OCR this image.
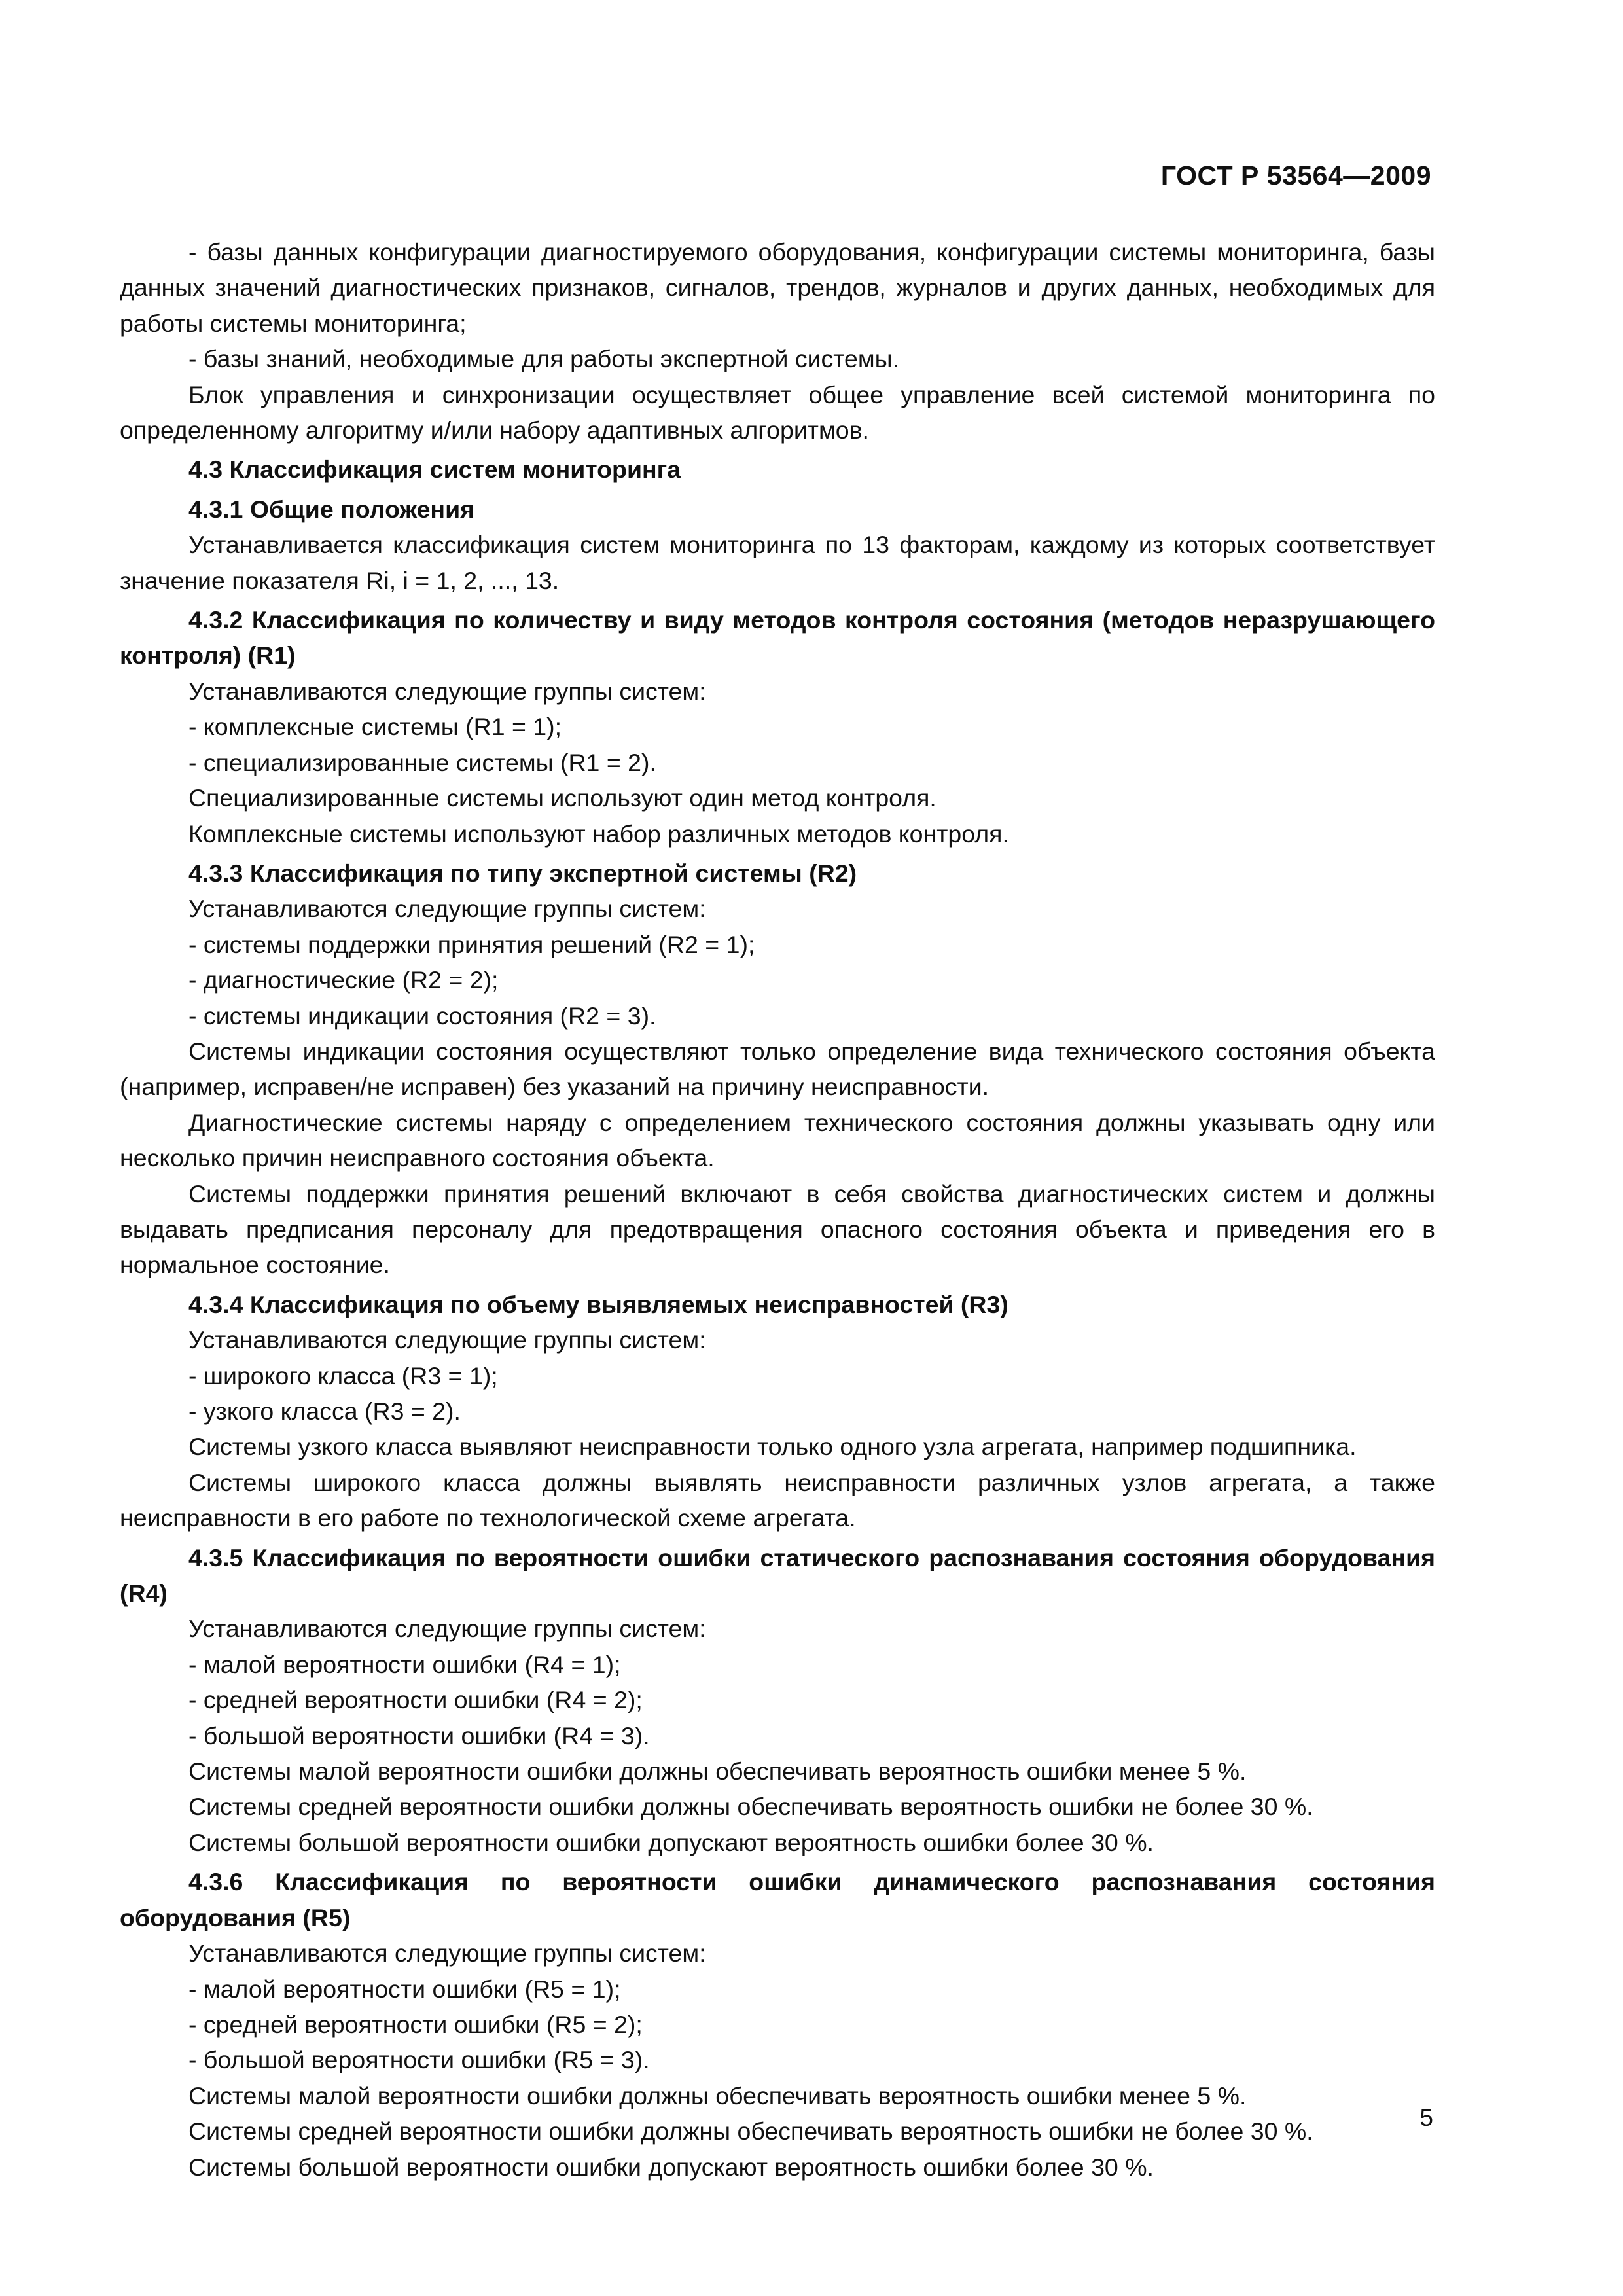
ГОСТ Р 53564—2009

- базы данных конфигурации диагностируемого оборудования, конфигурации системы мониторинга, базы данных значений диагностических признаков, сигналов, трендов, журналов и других данных, необходимых для работы системы мониторинга;

- базы знаний, необходимые для работы экспертной системы.

Блок управления и синхронизации осуществляет общее управление всей системой мониторинга по определенному алгоритму и/или набору адаптивных алгоритмов.

4.3 Классификация систем мониторинга

4.3.1 Общие положения

Устанавливается классификация систем мониторинга по 13 факторам, каждому из которых соответствует значение показателя Ri, i = 1, 2, ..., 13.

4.3.2 Классификация по количеству и виду методов контроля состояния (методов неразрушающего контроля) (R1)

Устанавливаются следующие группы систем:

- комплексные системы (R1 = 1);

- специализированные системы (R1 = 2).

Специализированные системы используют один метод контроля.

Комплексные системы используют набор различных методов контроля.

4.3.3 Классификация по типу экспертной системы (R2)

Устанавливаются следующие группы систем:

- системы поддержки принятия решений (R2 = 1);

- диагностические (R2 = 2);

- системы индикации состояния (R2 = 3).

Системы индикации состояния осуществляют только определение вида технического состояния объекта (например, исправен/не исправен) без указаний на причину неисправности.

Диагностические системы наряду с определением технического состояния должны указывать одну или несколько причин неисправного состояния объекта.

Системы поддержки принятия решений включают в себя свойства диагностических систем и должны выдавать предписания персоналу для предотвращения опасного состояния объекта и приведения его в нормальное состояние.

4.3.4 Классификация по объему выявляемых неисправностей (R3)

Устанавливаются следующие группы систем:

- широкого класса (R3 = 1);

- узкого класса (R3 = 2).

Системы узкого класса выявляют неисправности только одного узла агрегата, например подшипника.

Системы широкого класса должны выявлять неисправности различных узлов агрегата, а также неисправности в его работе по технологической схеме агрегата.

4.3.5 Классификация по вероятности ошибки статического распознавания состояния оборудования (R4)

Устанавливаются следующие группы систем:

- малой вероятности ошибки (R4 = 1);

- средней вероятности ошибки (R4 = 2);

- большой вероятности ошибки (R4 = 3).

Системы малой вероятности ошибки должны обеспечивать вероятность ошибки менее 5 %.

Системы средней вероятности ошибки должны обеспечивать вероятность ошибки не более 30 %.

Системы большой вероятности ошибки допускают вероятность ошибки более 30 %.

4.3.6 Классификация по вероятности ошибки динамического распознавания состояния оборудования (R5)

Устанавливаются следующие группы систем:

- малой вероятности ошибки (R5 = 1);

- средней вероятности ошибки (R5 = 2);

- большой вероятности ошибки (R5 = 3).

Системы малой вероятности ошибки должны обеспечивать вероятность ошибки менее 5 %.

Системы средней вероятности ошибки должны обеспечивать вероятность ошибки не более 30 %.

Системы большой вероятности ошибки допускают вероятность ошибки более 30 %.

5
